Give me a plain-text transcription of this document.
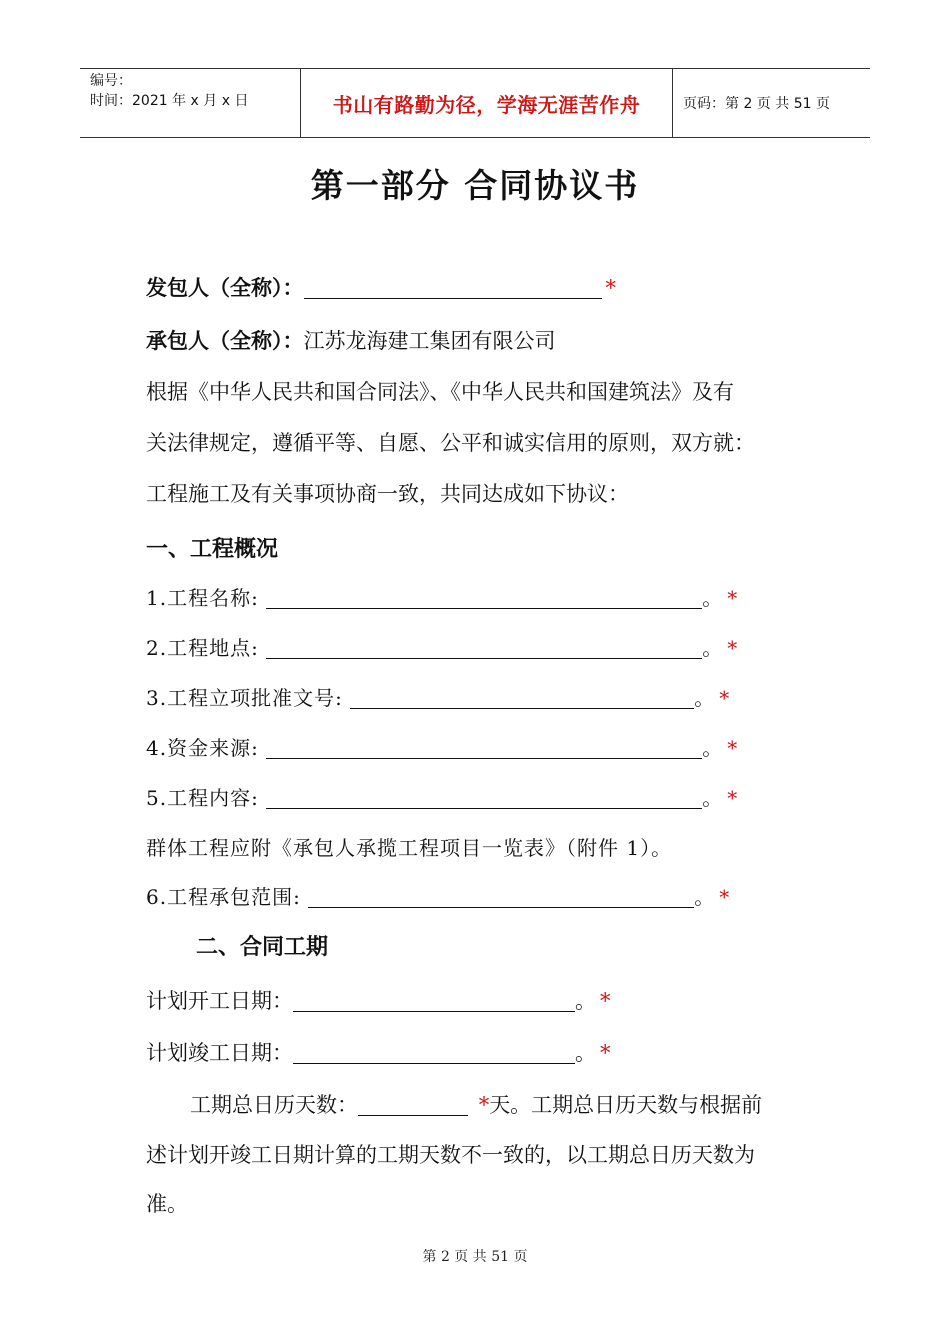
编号：
时间：2021 年 x 月 x 日	书山有路勤为径，学海无涯苦作舟	页码：第 2 页 共 51 页
第一部分 合同协议书
发包人（全称）：	*
承包人（全称）：江苏龙海建工集团有限公司
根据《中华人民共和国合同法》、《中华人民共和国建筑法》及有
关法律规定，遵循平等、自愿、公平和诚实信用的原则，双方就：
工程施工及有关事项协商一致，共同达成如下协议：
一、工程概况
1.工程名称:	。 *
2.工程地点:	。 *
3.工程立项批准文号:	。 *
4.资金来源:	。 *
5.工程内容:	。 *
群体工程应附《承包人承揽工程项目一览表》（附件 1）。
6.工程承包范围:	。 *
二、合同工期
计划开工日期：	。 *
计划竣工日期：	。 *
工期总日历天数：	*天。工期总日历天数与根据前
述计划开竣工日期计算的工期天数不一致的，以工期总日历天数为
准。
第 2 页 共 51 页
